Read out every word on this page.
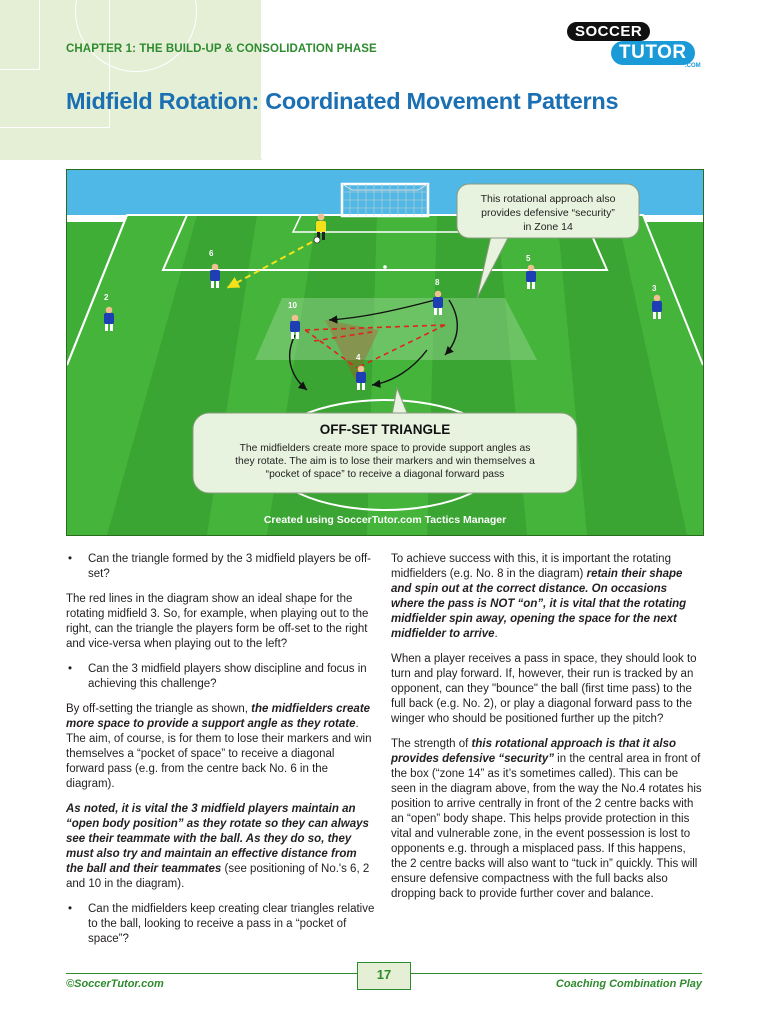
CHAPTER 1: THE BUILD-UP & CONSOLIDATION PHASE
SOCCER
TUTOR
.COM
Midfield Rotation: Coordinated Movement Patterns
6
2
10
8
5
3
4
This rotational approach also
provides defensive “security”
in Zone 14
OFF-SET TRIANGLE
The midfielders create more space to provide support angles as
they rotate. The aim is to lose their markers and win themselves a
“pocket of space” to receive a diagonal forward pass
Created using SoccerTutor.com Tactics Manager

• Can the triangle formed by the 3 midfield players be off-set?

The red lines in the diagram show an ideal shape for the rotating midfield 3. So, for example, when playing out to the right, can the triangle the players form be off-set to the right and vice-versa when playing out to the left?

• Can the 3 midfield players show discipline and focus in achieving this challenge?

By off-setting the triangle as shown, the midfielders create more space to provide a support angle as they rotate. The aim, of course, is for them to lose their markers and win themselves a “pocket of space” to receive a diagonal forward pass (e.g. from the centre back No. 6 in the diagram).

As noted, it is vital the 3 midfield players maintain an “open body position” as they rotate so they can always see their teammate with the ball. As they do so, they must also try and maintain an effective distance from the ball and their teammates (see positioning of No.'s 6, 2 and 10 in the diagram).

• Can the midfielders keep creating clear triangles relative to the ball, looking to receive a pass in a “pocket of space”?

To achieve success with this, it is important the rotating midfielders (e.g. No. 8 in the diagram) retain their shape and spin out at the correct distance. On occasions where the pass is NOT “on”, it is vital that the rotating midfielder spin away, opening the space for the next midfielder to arrive.

When a player receives a pass in space, they should look to turn and play forward. If, however, their run is tracked by an opponent, can they "bounce" the ball (first time pass) to the full back (e.g. No. 2), or play a diagonal forward pass to the winger who should be positioned further up the pitch?

The strength of this rotational approach is that it also provides defensive “security” in the central area in front of the box (“zone 14” as it’s sometimes called). This can be seen in the diagram above, from the way the No.4 rotates his position to arrive centrally in front of the 2 centre backs with an “open” body shape. This helps provide protection in this vital and vulnerable zone, in the event possession is lost to opponents e.g. through a misplaced pass. If this happens, the 2 centre backs will also want to “tuck in” quickly. This will ensure defensive compactness with the full backs also dropping back to provide further cover and balance.

©SoccerTutor.com
17
Coaching Combination Play
